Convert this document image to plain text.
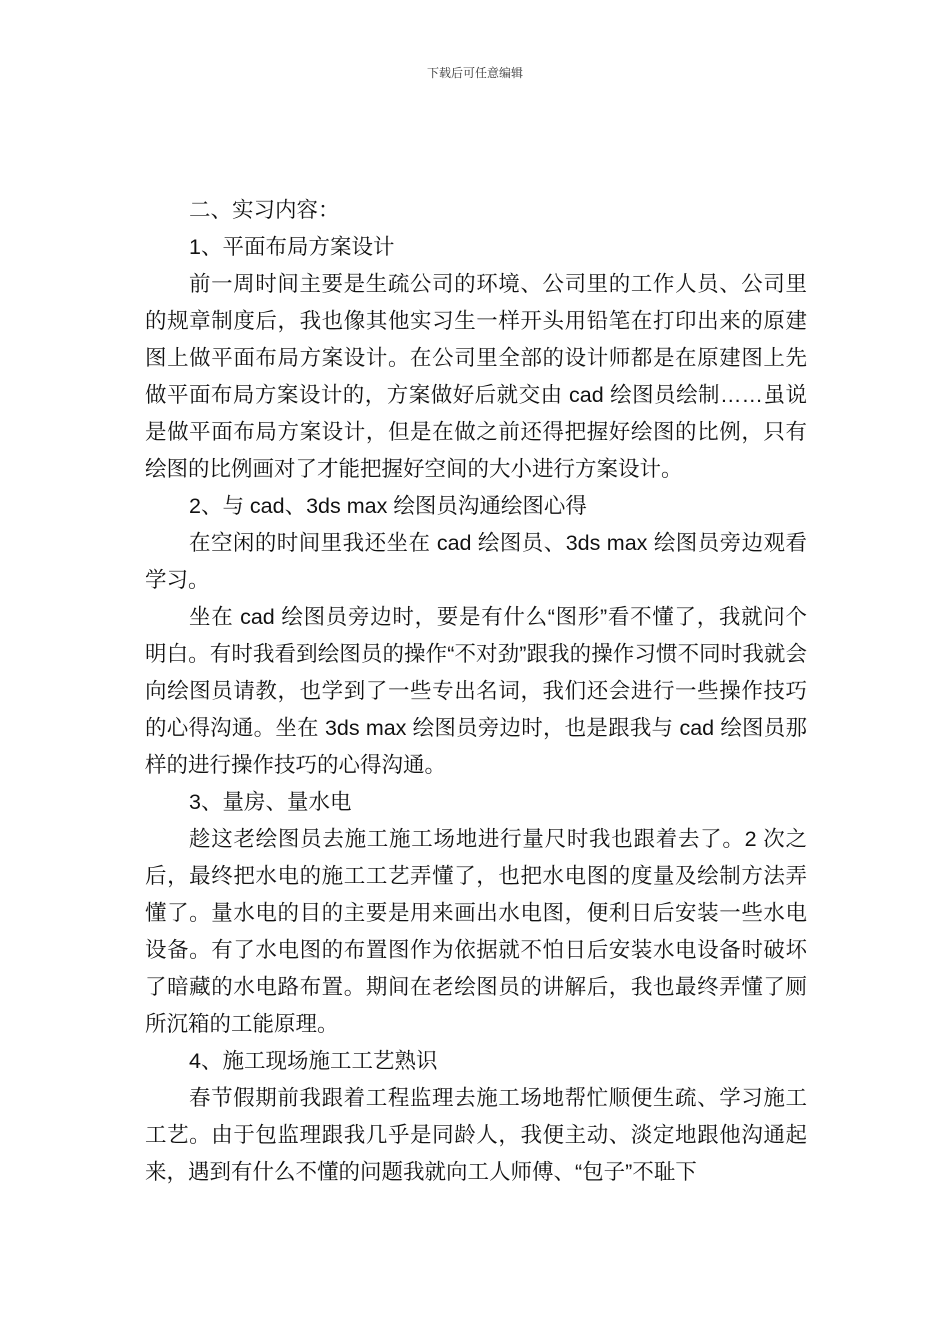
下载后可任意编辑

二、实习内容：

1、平面布局方案设计

前一周时间主要是生疏公司的环境、公司里的工作人员、公司里的规章制度后，我也像其他实习生一样开头用铅笔在打印出来的原建图上做平面布局方案设计。在公司里全部的设计师都是在原建图上先做平面布局方案设计的，方案做好后就交由 cad 绘图员绘制……虽说是做平面布局方案设计，但是在做之前还得把握好绘图的比例，只有绘图的比例画对了才能把握好空间的大小进行方案设计。

2、与 cad、3ds max 绘图员沟通绘图心得

在空闲的时间里我还坐在 cad 绘图员、3ds max 绘图员旁边观看学习。

坐在 cad 绘图员旁边时，要是有什么“图形”看不懂了，我就问个明白。有时我看到绘图员的操作“不对劲”跟我的操作习惯不同时我就会向绘图员请教，也学到了一些专出名词，我们还会进行一些操作技巧的心得沟通。坐在 3ds max 绘图员旁边时，也是跟我与 cad 绘图员那样的进行操作技巧的心得沟通。

3、量房、量水电

趁这老绘图员去施工施工场地进行量尺时我也跟着去了。2 次之后，最终把水电的施工工艺弄懂了，也把水电图的度量及绘制方法弄懂了。量水电的目的主要是用来画出水电图，便利日后安装一些水电设备。有了水电图的布置图作为依据就不怕日后安装水电设备时破坏了暗藏的水电路布置。期间在老绘图员的讲解后，我也最终弄懂了厕所沉箱的工能原理。

4、施工现场施工工艺熟识

春节假期前我跟着工程监理去施工场地帮忙顺便生疏、学习施工工艺。由于包监理跟我几乎是同龄人，我便主动、淡定地跟他沟通起来，遇到有什么不懂的问题我就向工人师傅、“包子”不耻下
